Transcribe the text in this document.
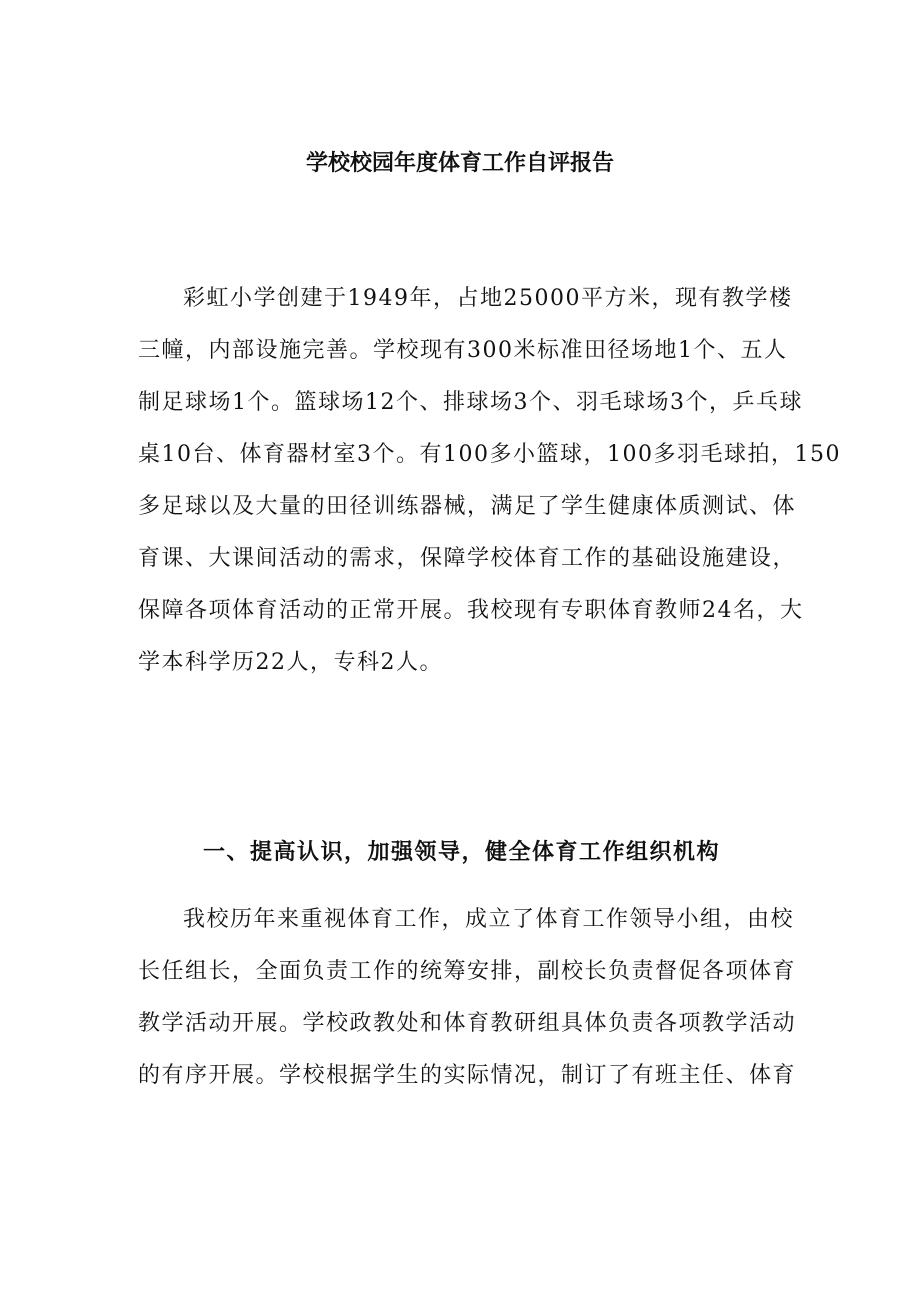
学校校园年度体育工作自评报告
彩虹小学创建于1949年，占地25000平方米，现有教学楼
三幢，内部设施完善。学校现有300米标准田径场地1个、五人
制足球场1个。篮球场12个、排球场3个、羽毛球场3个，乒乓球
桌10台、体育器材室3个。有100多小篮球，100多羽毛球拍，150
多足球以及大量的田径训练器械，满足了学生健康体质测试、体
育课、大课间活动的需求，保障学校体育工作的基础设施建设，
保障各项体育活动的正常开展。我校现有专职体育教师24名，大
学本科学历22人，专科2人。
一、提高认识，加强领导，健全体育工作组织机构
我校历年来重视体育工作，成立了体育工作领导小组，由校
长任组长，全面负责工作的统筹安排，副校长负责督促各项体育
教学活动开展。学校政教处和体育教研组具体负责各项教学活动
的有序开展。学校根据学生的实际情况，制订了有班主任、体育
